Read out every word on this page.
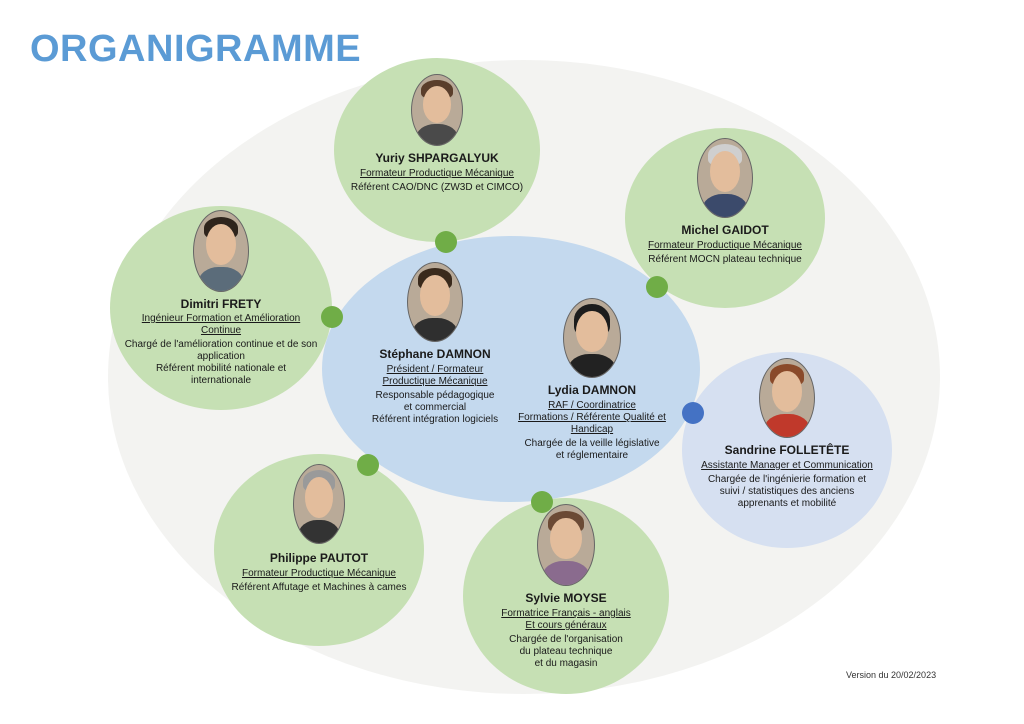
ORGANIGRAMME
Yuriy SHPARGALYUK
Formateur Productique Mécanique
Référent CAO/DNC (ZW3D et CIMCO)
Michel GAIDOT
Formateur Productique Mécanique
Référent MOCN plateau technique
Dimitri FRETY
Ingénieur Formation et Amélioration
Continue
Chargé de l'amélioration continue et de son
application
Référent mobilité nationale et
internationale
Stéphane DAMNON
Président / Formateur
Productique Mécanique
Responsable pédagogique
et commercial
Référent intégration logiciels
Lydia DAMNON
RAF / Coordinatrice
Formations / Référente Qualité et
Handicap
Chargée de la veille législative
et réglementaire	Sandrine FOLLETÊTE
Assistante Manager et Communication
Chargée de l'ingénierie formation et
suivi / statistiques des anciens
apprenants et mobilité
Philippe PAUTOT
Formateur Productique Mécanique
Référent Affutage et Machines à cames
Sylvie MOYSE
Formatrice Français - anglais
Et cours généraux
Chargée de l'organisation
du plateau technique
et du magasin
Version du 20/02/2023
